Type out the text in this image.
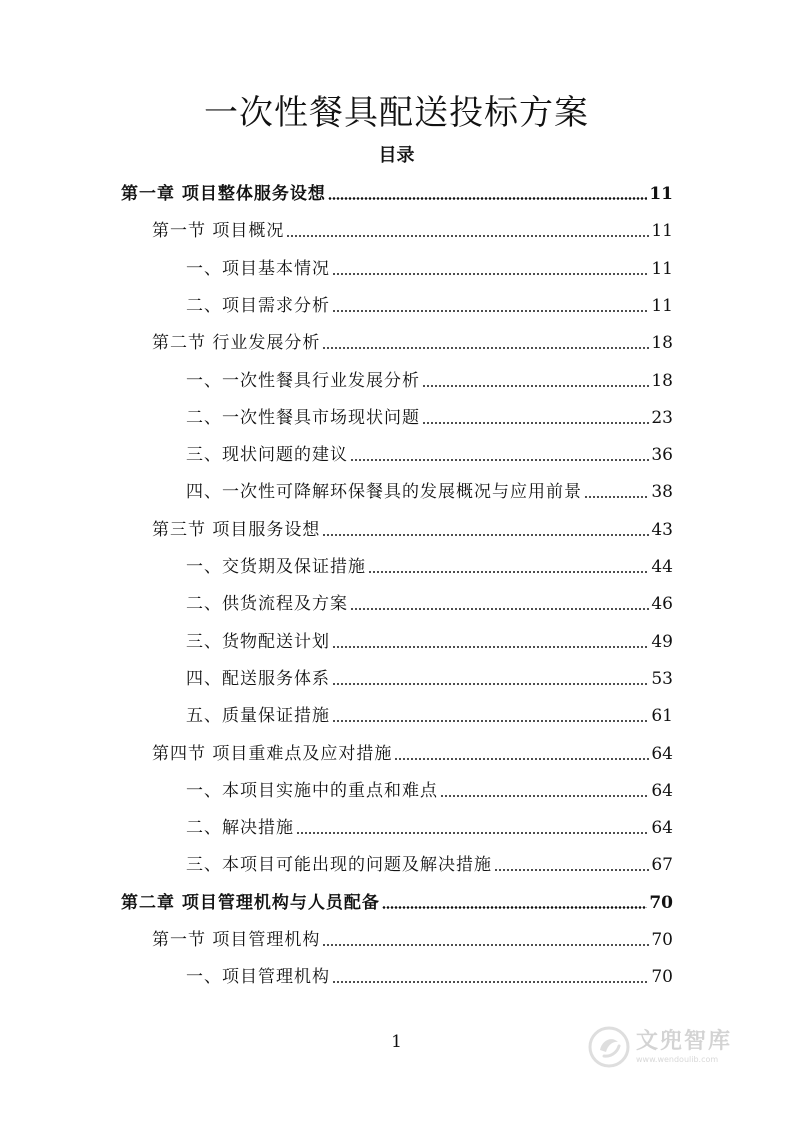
一次性餐具配送投标方案
目录
第一章 项目整体服务设想	11
第一节 项目概况	11
一、项目基本情况	11
二、项目需求分析	11
第二节 行业发展分析	18
一、一次性餐具行业发展分析	18
二、一次性餐具市场现状问题	23
三、现状问题的建议	36
四、一次性可降解环保餐具的发展概况与应用前景	38
第三节 项目服务设想	43
一、交货期及保证措施	44
二、供货流程及方案	46
三、货物配送计划	49
四、配送服务体系	53
五、质量保证措施	61
第四节 项目重难点及应对措施	64
一、本项目实施中的重点和难点	64
二、解决措施	64
三、本项目可能出现的问题及解决措施	67
第二章 项目管理机构与人员配备	70
第一节 项目管理机构	70
一、项目管理机构	70
1	文兜智库
www.wendoulib.com
